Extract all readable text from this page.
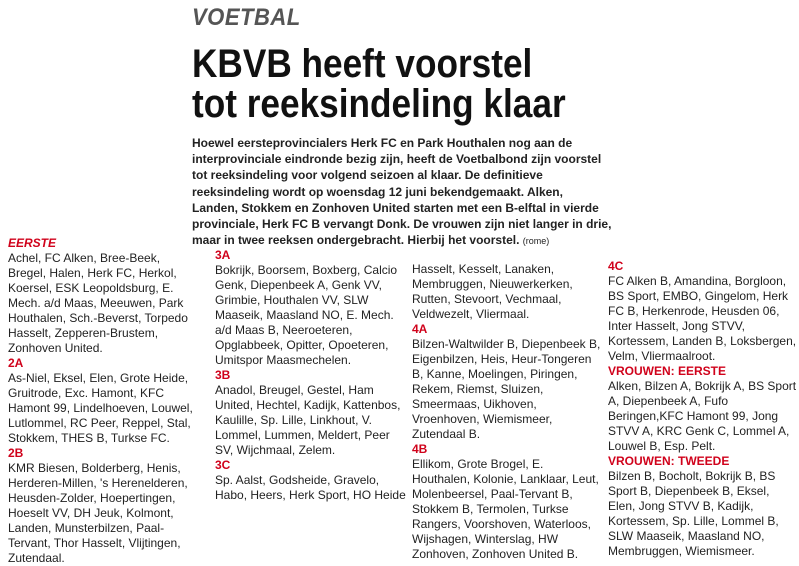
VOETBAL
KBVB heeft voorstel
tot reeksindeling klaar
Hoewel eersteprovincialers Herk FC en Park Houthalen nog aan de interprovinciale eindronde bezig zijn, heeft de Voetbalbond zijn voorstel tot reeksindeling voor volgend seizoen al klaar. De definitieve reeksindeling wordt op woensdag 12 juni bekendgemaakt. Alken, Landen, Stokkem en Zonhoven United starten met een B-elftal in vierde provinciale, Herk FC B vervangt Donk. De vrouwen zijn niet langer in drie, maar in twee reeksen ondergebracht. Hierbij het voorstel. (rome)
EERSTE

Achel, FC Alken, Bree-Beek, Bregel, Halen, Herk FC, Herkol, Koersel, ESK Leopoldsburg, E. Mech. a/d Maas, Meeuwen, Park Houthalen, Sch.-Beverst, Torpedo Hasselt, Zepperen-Brustem, Zonhoven United.

2A

As-Niel, Eksel, Elen, Grote Heide, Gruitrode, Exc. Hamont, KFC Hamont 99, Lindelhoeven, Louwel, Lutlommel, RC Peer, Reppel, Stal, Stokkem, THES B, Turkse FC.

2B

KMR Biesen, Bolderberg, Henis, Herderen-Millen, 's Herenelderen, Heusden-Zolder, Hoepertingen, Hoeselt VV, DH Jeuk, Kolmont, Landen, Munsterbilzen, Paal-Tervant, Thor Hasselt, Vlijtingen, Zutendaal.

3A

Bokrijk, Boorsem, Boxberg, Calcio Genk, Diepenbeek A, Genk VV, Grimbie, Houthalen VV, SLW Maaseik, Maasland NO, E. Mech. a/d Maas B, Neeroeteren, Opglabbeek, Opitter, Opoeteren, Umitspor Maasmechelen.

3B

Anadol, Breugel, Gestel, Ham United, Hechtel, Kadijk, Kattenbos, Kaulille, Sp. Lille, Linkhout, V. Lommel, Lummen, Meldert, Peer SV, Wijchmaal, Zelem.

3C

Sp. Aalst, Godsheide, Gravelo, Habo, Heers, Herk Sport, HO Heide

Hasselt, Kesselt, Lanaken, Membruggen, Nieuwerkerken, Rutten, Stevoort, Vechmaal, Veldwezelt, Vliermaal.

4A

Bilzen-Waltwilder B, Diepenbeek B, Eigenbilzen, Heis, Heur-Tongeren B, Kanne, Moelingen, Piringen, Rekem, Riemst, Sluizen, Smeermaas, Uikhoven, Vroenhoven, Wiemismeer, Zutendaal B.

4B

Ellikom, Grote Brogel, E. Houthalen, Kolonie, Lanklaar, Leut, Molenbeersel, Paal-Tervant B, Stokkem B, Termolen, Turkse Rangers, Voorshoven, Waterloos, Wijshagen, Winterslag, HW Zonhoven, Zonhoven United B.

4C

FC Alken B, Amandina, Borgloon, BS Sport, EMBO, Gingelom, Herk FC B, Herkenrode, Heusden 06, Inter Hasselt, Jong STVV, Kortessem, Landen B, Loksbergen, Velm, Vliermaalroot.

VROUWEN: EERSTE

Alken, Bilzen A, Bokrijk A, BS Sport A, Diepenbeek A, Fufo Beringen,KFC Hamont 99, Jong STVV A, KRC Genk C, Lommel A, Louwel B, Esp. Pelt.

VROUWEN: TWEEDE

Bilzen B, Bocholt, Bokrijk B, BS Sport B, Diepenbeek B, Eksel, Elen, Jong STVV B, Kadijk, Kortessem, Sp. Lille, Lommel B, SLW Maaseik, Maasland NO, Membruggen, Wiemismeer.
